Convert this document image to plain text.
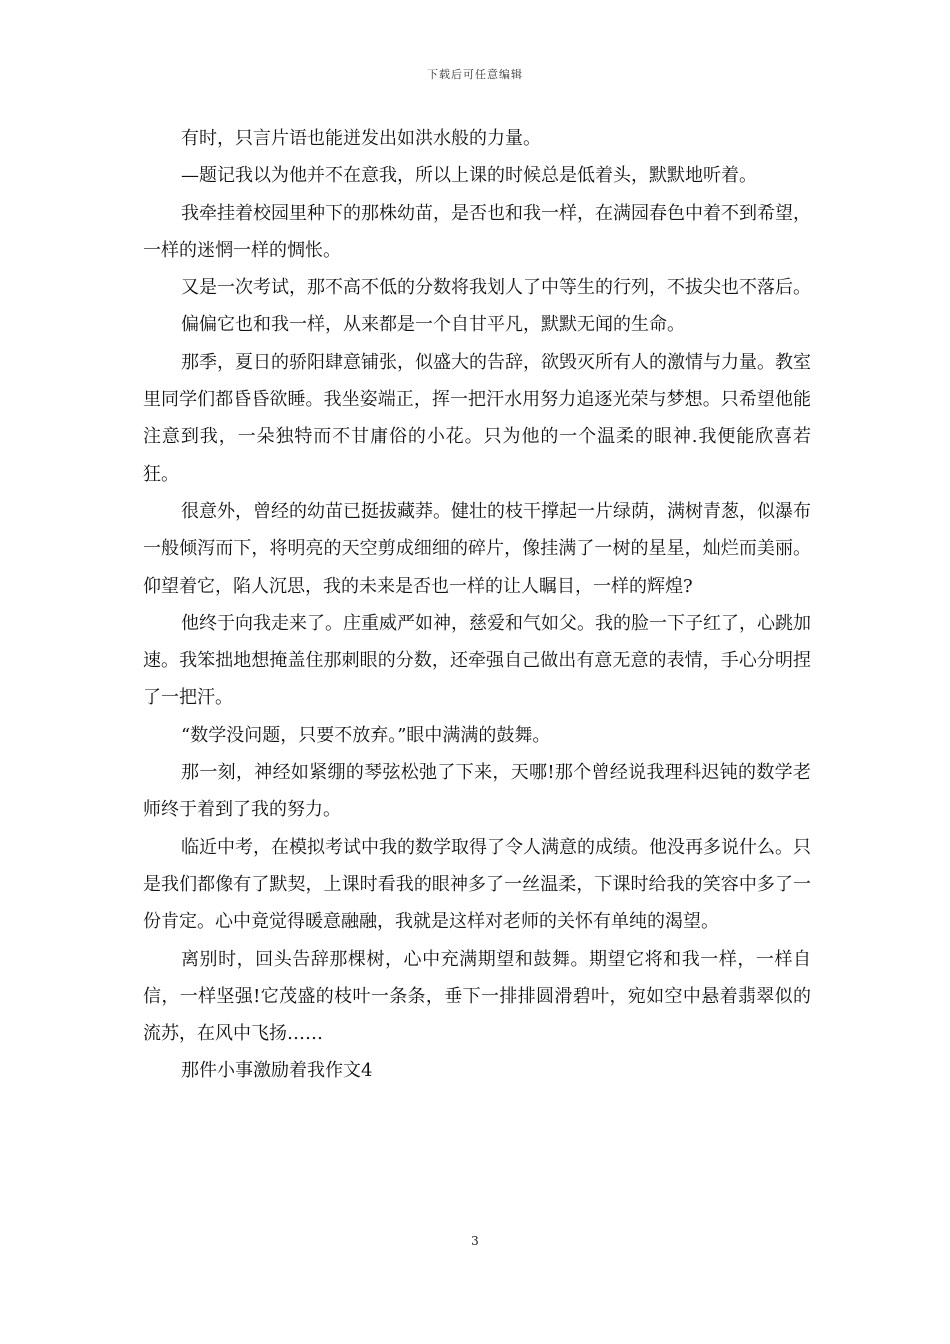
下载后可任意编辑

有时，只言片语也能迸发出如洪水般的力量。

—题记我以为他并不在意我，所以上课的时候总是低着头，默默地听着。

我牵挂着校园里种下的那株幼苗，是否也和我一样，在满园春色中着不到希望，一样的迷惘一样的惆怅。

又是一次考试，那不高不低的分数将我划人了中等生的行列，不拔尖也不落后。

偏偏它也和我一样，从来都是一个自甘平凡，默默无闻的生命。

那季，夏日的骄阳肆意铺张，似盛大的告辞，欲毁灭所有人的激情与力量。教室里同学们都昏昏欲睡。我坐姿端正，挥一把汗水用努力追逐光荣与梦想。只希望他能注意到我，一朵独特而不甘庸俗的小花。只为他的一个温柔的眼神.我便能欣喜若狂。

很意外，曾经的幼苗已挺拔藏莽。健壮的枝干撑起一片绿荫，满树青葱，似瀑布一般倾泻而下，将明亮的天空剪成细细的碎片，像挂满了一树的星星，灿烂而美丽。仰望着它，陷人沉思，我的未来是否也一样的让人瞩目，一样的辉煌?

他终于向我走来了。庄重威严如神，慈爱和气如父。我的脸一下子红了，心跳加速。我笨拙地想掩盖住那刺眼的分数，还牵强自己做出有意无意的表情，手心分明捏了一把汗。

“数学没问题，只要不放弃。”眼中满满的鼓舞。

那一刻，神经如紧绷的琴弦松弛了下来，天哪!那个曾经说我理科迟钝的数学老师终于着到了我的努力。

临近中考，在模拟考试中我的数学取得了令人满意的成绩。他没再多说什么。只是我们都像有了默契，上课时看我的眼神多了一丝温柔，下课时给我的笑容中多了一份肯定。心中竟觉得暖意融融，我就是这样对老师的关怀有单纯的渴望。

离别时，回头告辞那棵树，心中充满期望和鼓舞。期望它将和我一样，一样自信，一样坚强!它茂盛的枝叶一条条，垂下一排排圆滑碧叶，宛如空中悬着翡翠似的流苏，在风中飞扬……

那件小事激励着我作文4

3
